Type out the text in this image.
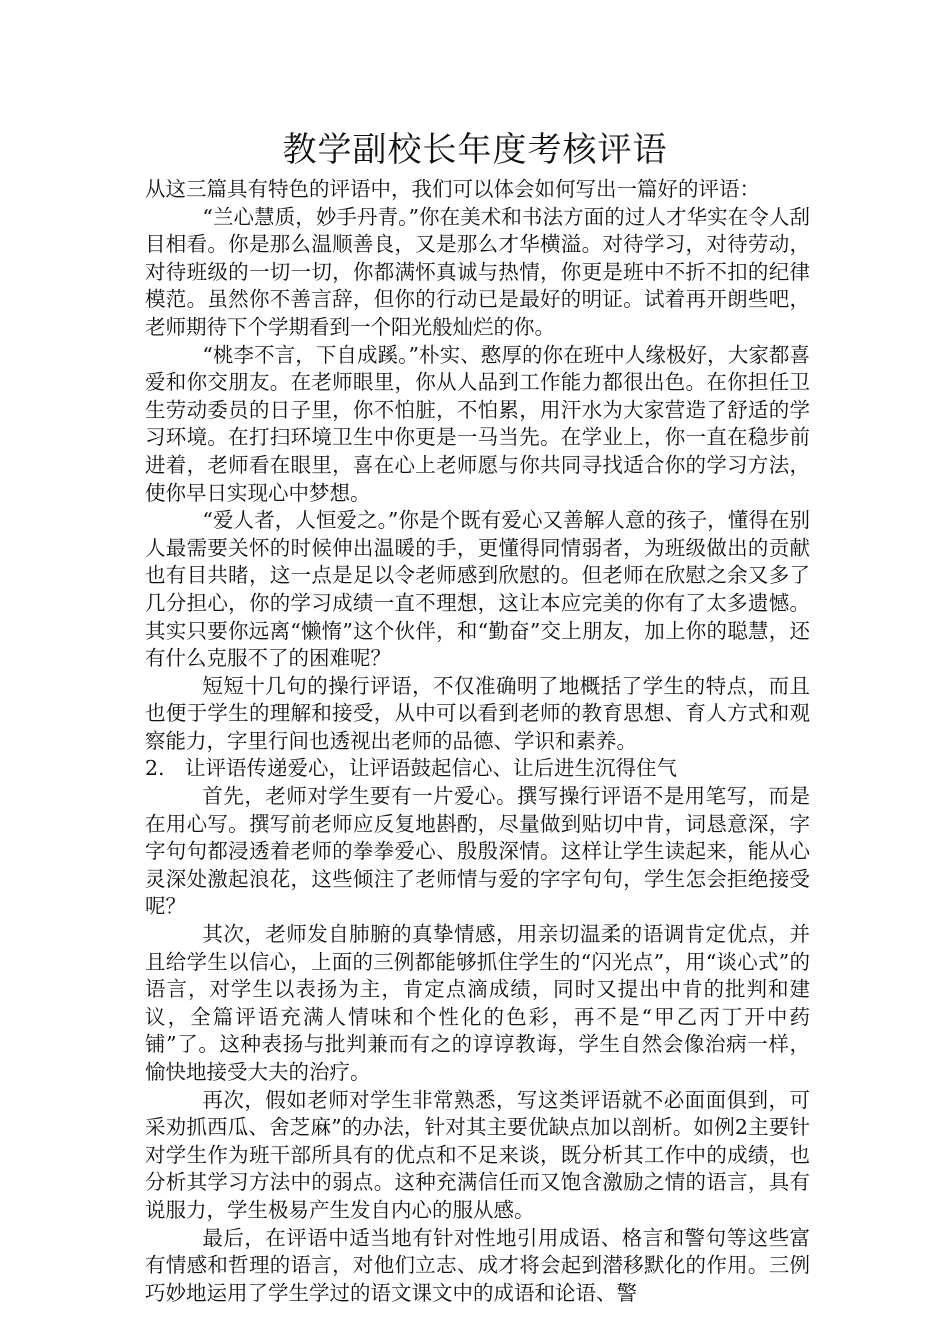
教学副校长年度考核评语

从这三篇具有特色的评语中，我们可以体会如何写出一篇好的评语：

“兰心慧质，妙手丹青。”你在美术和书法方面的过人才华实在令人刮目相看。你是那么温顺善良，又是那么才华横溢。对待学习，对待劳动，对待班级的一切一切，你都满怀真诚与热情，你更是班中不折不扣的纪律模范。虽然你不善言辞，但你的行动已是最好的明证。试着再开朗些吧，老师期待下个学期看到一个阳光般灿烂的你。

“桃李不言，下自成蹊。”朴实、憨厚的你在班中人缘极好，大家都喜爱和你交朋友。在老师眼里，你从人品到工作能力都很出色。在你担任卫生劳动委员的日子里，你不怕脏，不怕累，用汗水为大家营造了舒适的学习环境。在打扫环境卫生中你更是一马当先。在学业上，你一直在稳步前进着，老师看在眼里，喜在心上老师愿与你共同寻找适合你的学习方法，使你早日实现心中梦想。

“爱人者，人恒爱之。”你是个既有爱心又善解人意的孩子，懂得在别人最需要关怀的时候伸出温暖的手，更懂得同情弱者，为班级做出的贡献也有目共睹，这一点是足以令老师感到欣慰的。但老师在欣慰之余又多了几分担心，你的学习成绩一直不理想，这让本应完美的你有了太多遗憾。其实只要你远离“懒惰”这个伙伴，和“勤奋”交上朋友，加上你的聪慧，还有什么克服不了的困难呢？

短短十几句的操行评语，不仅准确明了地概括了学生的特点，而且也便于学生的理解和接受，从中可以看到老师的教育思想、育人方式和观察能力，字里行间也透视出老师的品德、学识和素养。

2.　让评语传递爱心，让评语鼓起信心、让后进生沉得住气

首先，老师对学生要有一片爱心。撰写操行评语不是用笔写，而是在用心写。撰写前老师应反复地斟酌，尽量做到贴切中肯，词恳意深，字字句句都浸透着老师的拳拳爱心、殷殷深情。这样让学生读起来，能从心灵深处激起浪花，这些倾注了老师情与爱的字字句句，学生怎会拒绝接受呢？

其次，老师发自肺腑的真挚情感，用亲切温柔的语调肯定优点，并且给学生以信心，上面的三例都能够抓住学生的“闪光点”，用“谈心式”的语言，对学生以表扬为主，肯定点滴成绩，同时又提出中肯的批判和建议，全篇评语充满人情味和个性化的色彩，再不是“甲乙丙丁开中药铺”了。这种表扬与批判兼而有之的谆谆教诲，学生自然会像治病一样，愉快地接受大夫的治疗。

再次，假如老师对学生非常熟悉，写这类评语就不必面面俱到，可采劝抓西瓜、舍芝麻”的办法，针对其主要优缺点加以剖析。如例2主要针对学生作为班干部所具有的优点和不足来谈，既分析其工作中的成绩，也分析其学习方法中的弱点。这种充满信任而又饱含激励之情的语言，具有说服力，学生极易产生发自内心的服从感。

最后，在评语中适当地有针对性地引用成语、格言和警句等这些富有情感和哲理的语言，对他们立志、成才将会起到潜移默化的作用。三例巧妙地运用了学生学过的语文课文中的成语和论语、警
